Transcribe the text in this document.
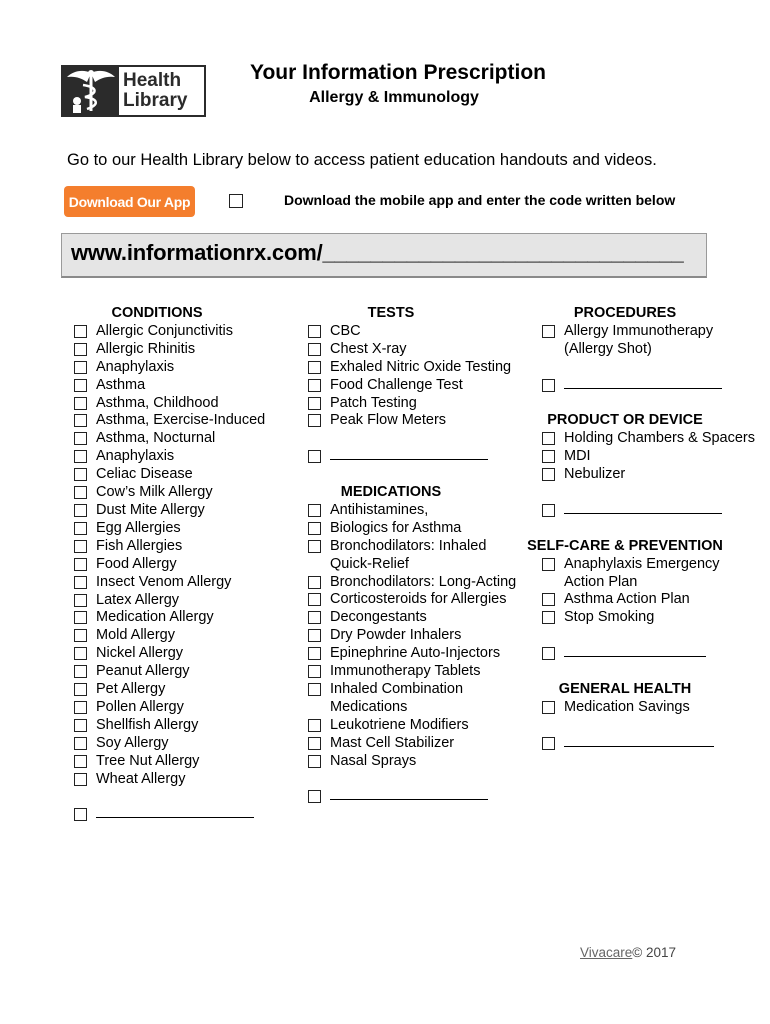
Health
Library
Your Information Prescription
Allergy & Immunology
Go to our Health Library below to access patient education handouts and videos.
Download Our App	Download the mobile app and enter the code written below
www.informationrx.com/______________________________
CONDITIONS
Allergic Conjunctivitis
Allergic Rhinitis
Anaphylaxis
Asthma
Asthma, Childhood
Asthma, Exercise-Induced
Asthma, Nocturnal
Anaphylaxis
Celiac Disease
Cow’s Milk Allergy
Dust Mite Allergy
Egg Allergies
Fish Allergies
Food Allergy
Insect Venom Allergy
Latex Allergy
Medication Allergy
Mold Allergy
Nickel Allergy
Peanut Allergy
Pet Allergy
Pollen Allergy
Shellfish Allergy
Soy Allergy
Tree Nut Allergy
Wheat Allergy
TESTS
CBC
Chest X-ray
Exhaled Nitric Oxide Testing
Food Challenge Test
Patch Testing
Peak Flow Meters
MEDICATIONS
Antihistamines,
Biologics for Asthma
Bronchodilators: Inhaled Quick-Relief
Bronchodilators: Long-Acting
Corticosteroids for Allergies
Decongestants
Dry Powder Inhalers
Epinephrine Auto-Injectors
Immunotherapy Tablets
Inhaled Combination Medications
Leukotriene Modifiers
Mast Cell Stabilizer
Nasal Sprays
PROCEDURES
Allergy Immunotherapy (Allergy Shot)
PRODUCT OR DEVICE
Holding Chambers & Spacers
MDI
Nebulizer
SELF-CARE & PREVENTION
Anaphylaxis Emergency Action Plan
Asthma Action Plan
Stop Smoking
GENERAL HEALTH
Medication Savings
Vivacare© 2017
